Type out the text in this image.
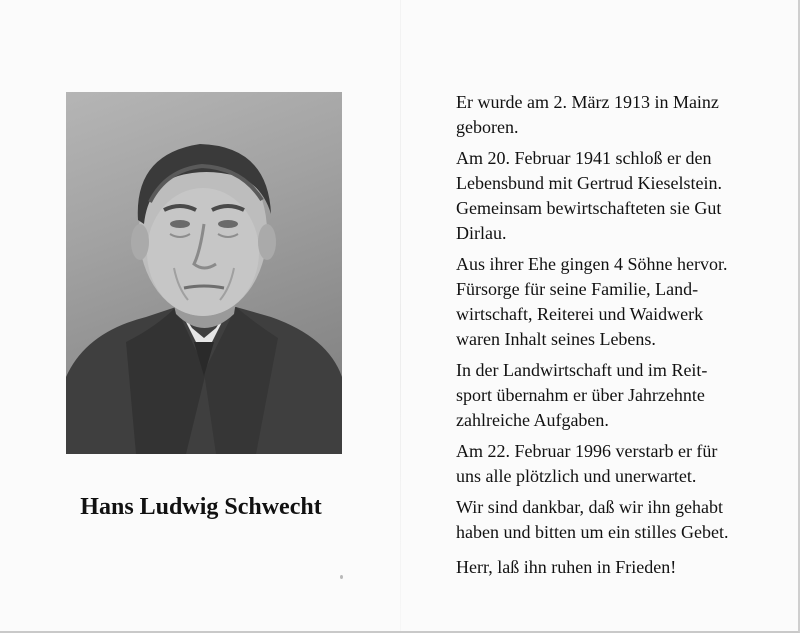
Hans Ludwig Schwecht
Er wurde am 2. März 1913 in Mainz
geboren.
Am 20. Februar 1941 schloß er den
Lebensbund mit Gertrud Kieselstein.
Gemeinsam bewirtschafteten sie Gut
Dirlau.
Aus ihrer Ehe gingen 4 Söhne hervor.
Fürsorge für seine Familie, Land-
wirtschaft, Reiterei und Waidwerk
waren Inhalt seines Lebens.
In der Landwirtschaft und im Reit-
sport übernahm er über Jahrzehnte
zahlreiche Aufgaben.
Am 22. Februar 1996 verstarb er für
uns alle plötzlich und unerwartet.
Wir sind dankbar, daß wir ihn gehabt
haben und bitten um ein stilles Gebet.
Herr, laß ihn ruhen in Frieden!
